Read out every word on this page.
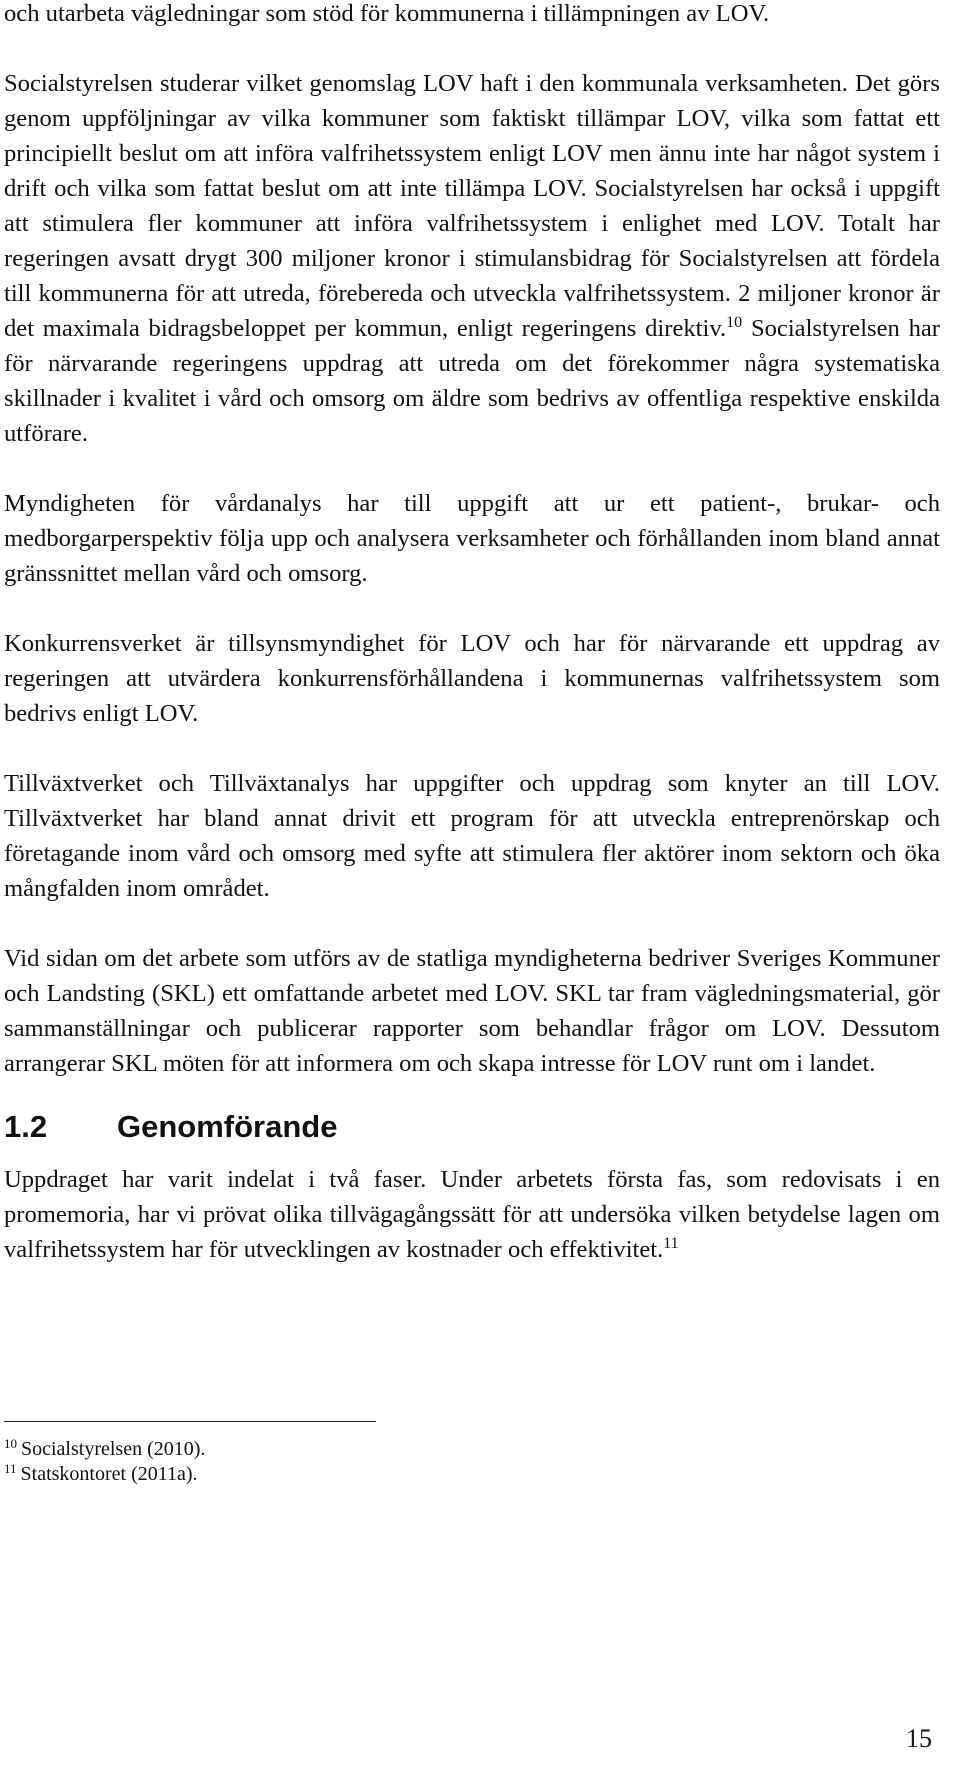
och utarbeta vägledningar som stöd för kommunerna i tillämpningen av LOV.

Socialstyrelsen studerar vilket genomslag LOV haft i den kommunala verksamheten. Det görs genom uppföljningar av vilka kommuner som faktiskt tillämpar LOV, vilka som fattat ett principiellt beslut om att införa valfrihetssystem enligt LOV men ännu inte har något system i drift och vilka som fattat beslut om att inte tillämpa LOV. Socialstyrelsen har också i uppgift att stimulera fler kommuner att införa valfrihetssystem i enlighet med LOV. Totalt har regeringen avsatt drygt 300 miljoner kronor i stimulansbidrag för Socialstyrelsen att fördela till kommunerna för att utreda, förebereda och utveckla valfrihetssystem. 2 miljoner kronor är det maximala bidragsbeloppet per kommun, enligt regeringens direktiv.$^{10}$ Socialstyrelsen har för närvarande regeringens uppdrag att utreda om det förekommer några systematiska skillnader i kvalitet i vård och omsorg om äldre som bedrivs av offentliga respektive enskilda utförare.

Myndigheten för vårdanalys har till uppgift att ur ett patient-, brukar- och medborgarperspektiv följa upp och analysera verksamheter och förhållanden inom bland annat gränssnittet mellan vård och omsorg.

Konkurrensverket är tillsynsmyndighet för LOV och har för närvarande ett uppdrag av regeringen att utvärdera konkurrensförhållandena i kommunernas valfrihetssystem som bedrivs enligt LOV.

Tillväxtverket och Tillväxtanalys har uppgifter och uppdrag som knyter an till LOV. Tillväxtverket har bland annat drivit ett program för att utveckla entreprenörskap och företagande inom vård och omsorg med syfte att stimulera fler aktörer inom sektorn och öka mångfalden inom området.

Vid sidan om det arbete som utförs av de statliga myndigheterna bedriver Sveriges Kommuner och Landsting (SKL) ett omfattande arbetet med LOV. SKL tar fram vägledningsmaterial, gör sammanställningar och publicerar rapporter som behandlar frågor om LOV. Dessutom arrangerar SKL möten för att informera om och skapa intresse för LOV runt om i landet.

1.2	Genomförande

Uppdraget har varit indelat i två faser. Under arbetets första fas, som redovisats i en promemoria, har vi prövat olika tillvägagångssätt för att undersöka vilken betydelse lagen om valfrihetssystem har för utvecklingen av kostnader och effektivitet.$^{11}$

$^{10}$ Socialstyrelsen (2010).
$^{11}$ Statskontoret (2011a).
15
